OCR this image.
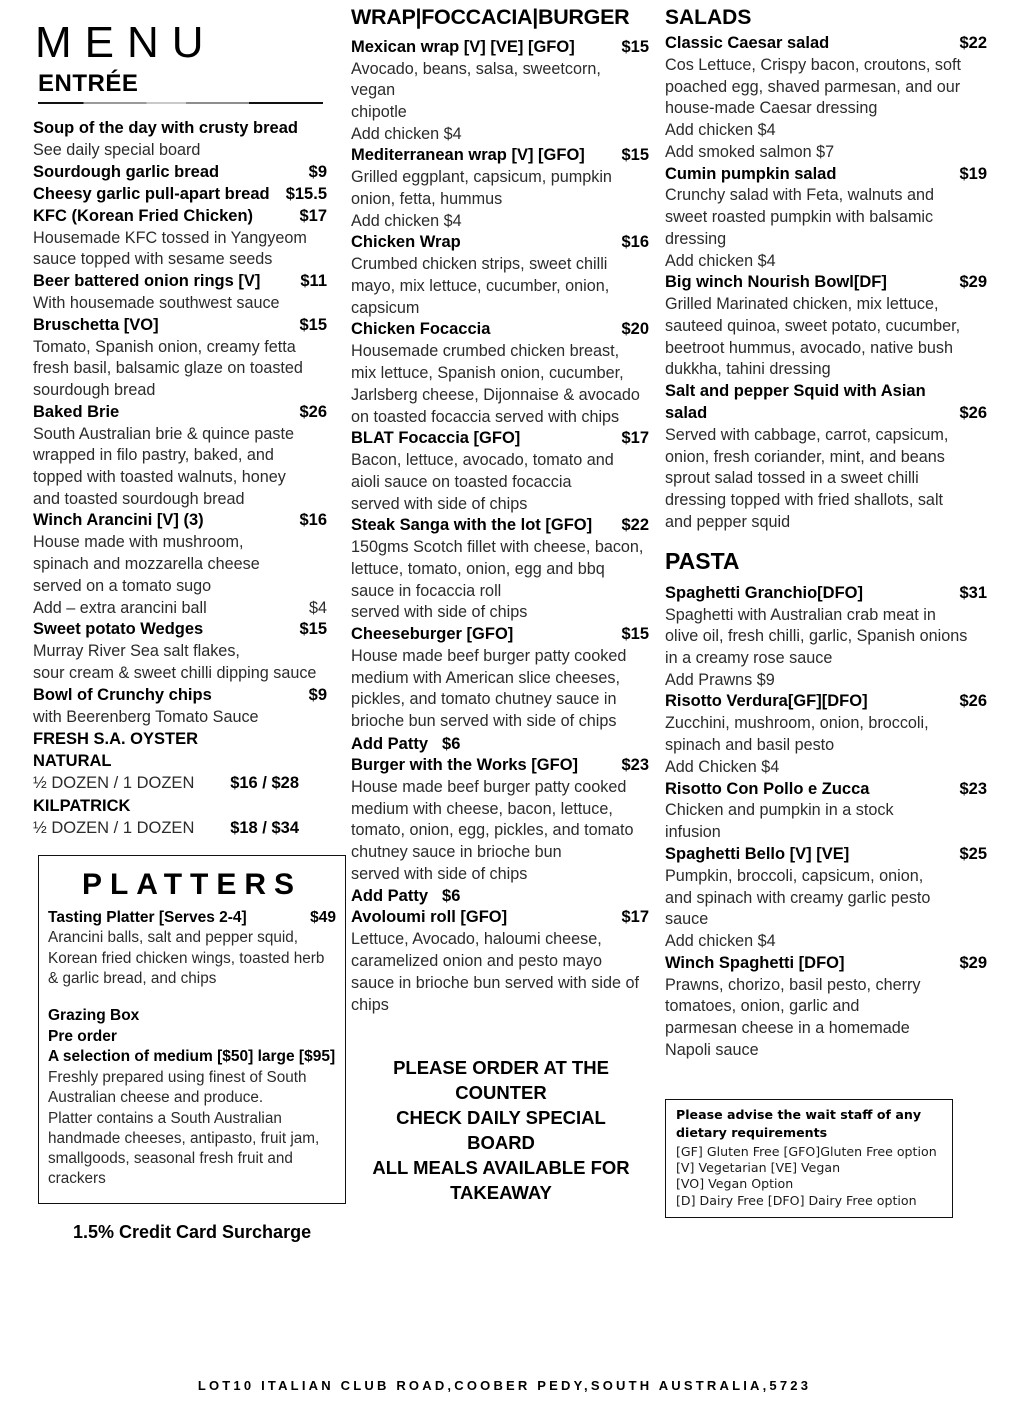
MENU
ENTRÉE
Soup of the day with crusty bread
See daily special board
Sourdough garlic bread	$9
Cheesy garlic pull-apart bread $15.5
KFC (Korean Fried Chicken)	$17
Housemade KFC tossed in Yangyeom
sauce topped with sesame seeds
Beer battered onion rings [V]	$11
With housemade southwest sauce
Bruschetta [VO]	$15
Tomato, Spanish onion, creamy fetta
fresh basil, balsamic glaze on toasted
sourdough bread
Baked Brie	$26
South Australian brie & quince paste
wrapped in filo pastry, baked, and
topped with toasted walnuts, honey
and toasted sourdough bread
Winch Arancini [V] (3)	$16
House made with mushroom,
spinach and mozzarella cheese
served on a tomato sugo
Add – extra arancini ball	$4
Sweet potato Wedges	$15
Murray River Sea salt flakes,
sour cream & sweet chilli dipping sauce
Bowl of Crunchy chips	$9
with Beerenberg Tomato Sauce
FRESH S.A. OYSTER
NATURAL
½ DOZEN / 1 DOZEN $16 / $28
KILPATRICK
½ DOZEN / 1 DOZEN $18 / $34
PLATTERS
Tasting Platter [Serves 2-4]	$49
Arancini balls, salt and pepper squid,
Korean fried chicken wings, toasted herb
& garlic bread, and chips
Grazing Box
Pre order
A selection of medium [$50] large [$95]
Freshly prepared using finest of South
Australian cheese and produce.
Platter contains a South Australian
handmade cheeses, antipasto, fruit jam,
smallgoods, seasonal fresh fruit and
crackers
1.5% Credit Card Surcharge
WRAP|FOCCACIA|BURGER
Mexican wrap [V] [VE] [GFO]	$15
Avocado, beans, salsa, sweetcorn, vegan
chipotle
Add chicken $4
Mediterranean wrap [V] [GFO]	$15
Grilled eggplant, capsicum, pumpkin
onion, fetta, hummus
Add chicken $4
Chicken Wrap	$16
Crumbed chicken strips, sweet chilli
mayo, mix lettuce, cucumber, onion,
capsicum
Chicken Focaccia	$20
Housemade crumbed chicken breast,
mix lettuce, Spanish onion, cucumber,
Jarlsberg cheese, Dijonnaise & avocado
on toasted focaccia served with chips
BLAT Focaccia [GFO]	$17
Bacon, lettuce, avocado, tomato and
aioli sauce on toasted focaccia
served with side of chips
Steak Sanga with the lot [GFO]	$22
150gms Scotch fillet with cheese, bacon,
lettuce, tomato, onion, egg and bbq
sauce in focaccia roll
served with side of chips
Cheeseburger [GFO]	$15
House made beef burger patty cooked
medium with American slice cheeses,
pickles, and tomato chutney sauce in
brioche bun served with side of chips
Add Patty $6
Burger with the Works [GFO]	$23
House made beef burger patty cooked
medium with cheese, bacon, lettuce,
tomato, onion, egg, pickles, and tomato
chutney sauce in brioche bun
served with side of chips
Add Patty $6
Avoloumi roll [GFO]	$17
Lettuce, Avocado, haloumi cheese,
caramelized onion and pesto mayo
sauce in brioche bun served with side of
chips
PLEASE ORDER AT THE COUNTER
CHECK DAILY SPECIAL BOARD
ALL MEALS AVAILABLE FOR
TAKEAWAY
SALADS
Classic Caesar salad	$22
Cos Lettuce, Crispy bacon, croutons, soft
poached egg, shaved parmesan, and our
house-made Caesar dressing
Add chicken $4
Add smoked salmon $7
Cumin pumpkin salad	$19
Crunchy salad with Feta, walnuts and
sweet roasted pumpkin with balsamic
dressing
Add chicken $4
Big winch Nourish Bowl[DF]	$29
Grilled Marinated chicken, mix lettuce,
sauteed quinoa, sweet potato, cucumber,
beetroot hummus, avocado, native bush
dukkha, tahini dressing
Salt and pepper Squid with Asian
salad	$26
Served with cabbage, carrot, capsicum,
onion, fresh coriander, mint, and beans
sprout salad tossed in a sweet chilli
dressing topped with fried shallots, salt
and pepper squid
PASTA
Spaghetti Granchio[DFO]	$31
Spaghetti with Australian crab meat in
olive oil, fresh chilli, garlic, Spanish onions
in a creamy rose sauce
Add Prawns $9
Risotto Verdura[GF][DFO]	$26
Zucchini, mushroom, onion, broccoli,
spinach and basil pesto
Add Chicken $4
Risotto Con Pollo e Zucca	$23
Chicken and pumpkin in a stock
infusion
Spaghetti Bello [V] [VE]	$25
Pumpkin, broccoli, capsicum, onion,
and spinach with creamy garlic pesto
sauce
Add chicken $4
Winch Spaghetti [DFO]	$29
Prawns, chorizo, basil pesto, cherry
tomatoes, onion, garlic and
parmesan cheese in a homemade
Napoli sauce
Please advise the wait staff of any
dietary requirements
[GF] Gluten Free [GFO]Gluten Free option
[V] Vegetarian [VE] Vegan
[VO] Vegan Option
[D] Dairy Free [DFO] Dairy Free option
LOT10 ITALIAN CLUB ROAD,COOBER PEDY,SOUTH AUSTRALIA,5723
